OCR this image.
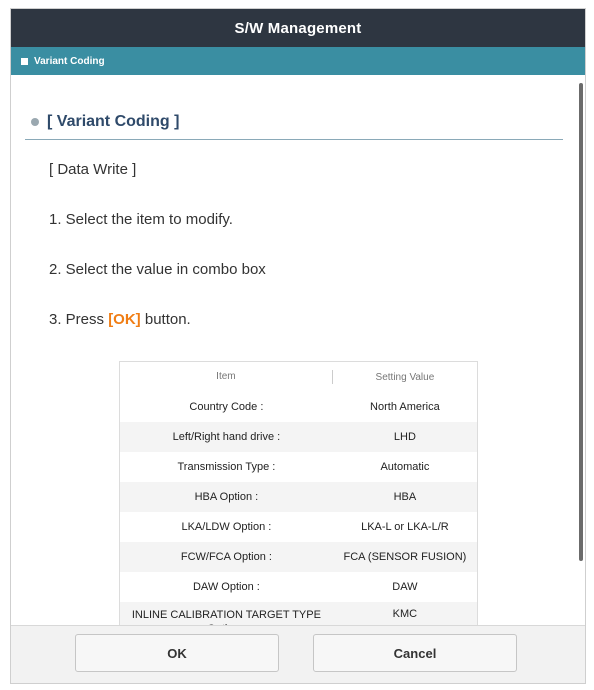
S/W Management
Variant Coding
[ Variant Coding ]
[ Data Write ]
1. Select the item to modify.
2. Select the value in combo box
3. Press [OK] button.
Item	Setting Value
Country Code :	North America
Left/Right hand drive :	LHD
Transmission Type :	Automatic
HBA Option :	HBA
LKA/LDW Option :	LKA-L or LKA-L/R
FCW/FCA Option :	FCA (SENSOR FUSION)
DAW Option :	DAW
INLINE CALIBRATION TARGET TYPE	KMC
OK	Cancel
